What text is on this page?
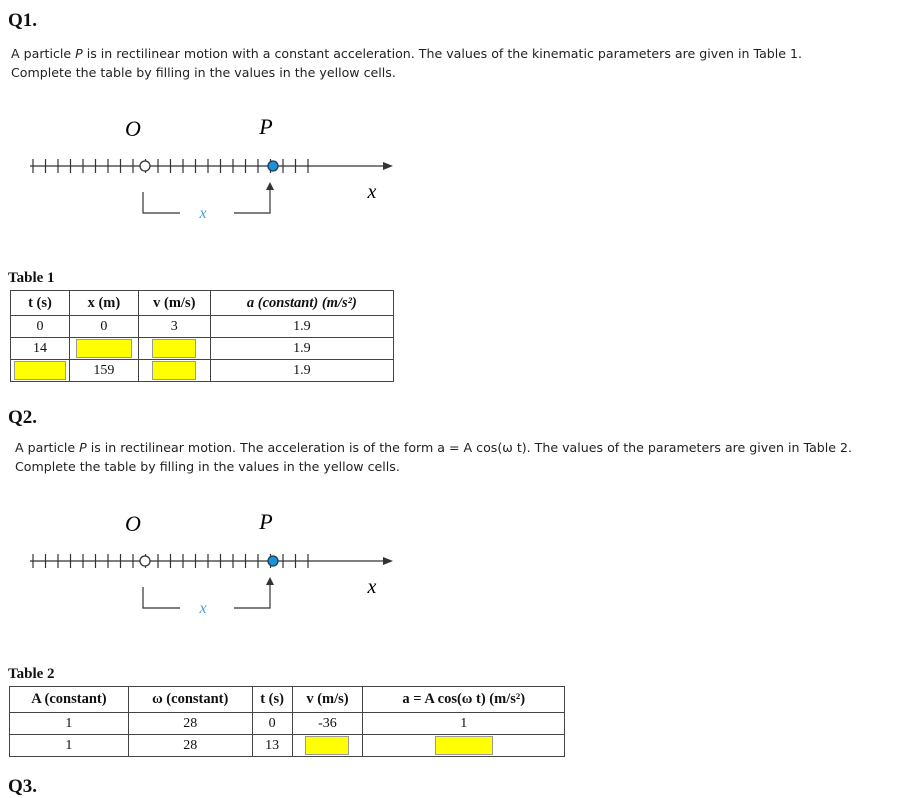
Q1.
A particle P is in rectilinear motion with a constant acceleration. The values of the kinematic parameters are given in Table 1.
Complete the table by filling in the values in the yellow cells.
O	P
x
x
Table 1
t (s)	x (m)	v (m/s)	a (constant) (m/s²)
0	0	3	1.9
14			1.9

	159		1.9
Q2.
A particle P is in rectilinear motion. The acceleration is of the form a = A cos(ω t). The values of the parameters are given in Table 2.
Complete the table by filling in the values in the yellow cells.
O	P
x
x
Table 2
A (constant)	ω (constant)	t (s)	v (m/s)	a = A cos(ω t) (m/s²)
1	28	0	-36	1
1	28	13	

Q3.
